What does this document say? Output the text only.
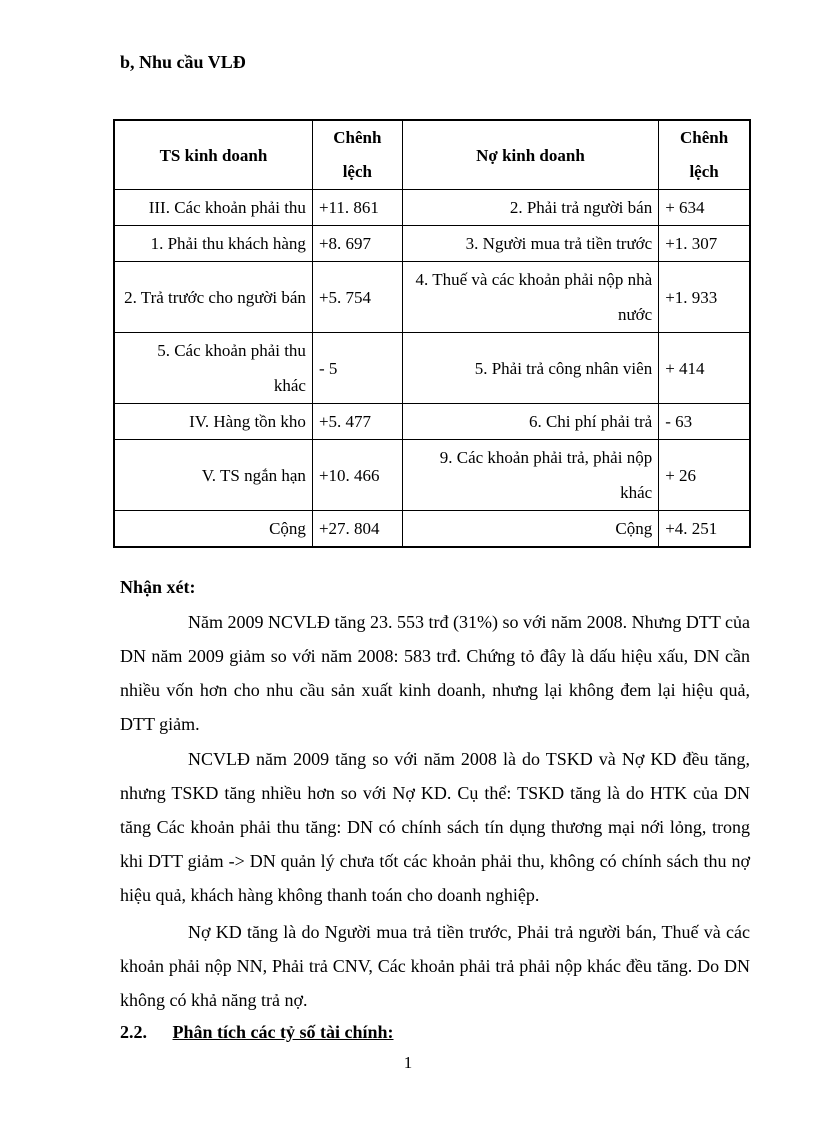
b, Nhu cầu VLĐ
TS kinh doanh	Chênh lệch	Nợ kinh doanh	Chênh lệch
III. Các khoản phải thu	+11. 861	2. Phải trả người bán	+ 634
1. Phải thu khách hàng	+8. 697	3. Người mua trả tiền trước	+1. 307
2. Trả trước cho người bán	+5. 754	4. Thuế và các khoản phải nộp nhà nước	+1. 933
5. Các khoản phải thu khác	- 5	5. Phải trả công nhân viên	+ 414
IV. Hàng tồn kho	+5. 477	6. Chi phí phải trả	- 63
V. TS ngắn hạn	+10. 466	9. Các khoản phải trả, phải nộp khác	+ 26
Cộng	+27. 804	Cộng	+4. 251
Nhận xét:

Năm 2009 NCVLĐ tăng 23. 553 trđ (31%) so với năm 2008. Nhưng DTT của DN năm 2009 giảm so với năm 2008: 583 trđ. Chứng tỏ đây là dấu hiệu xấu, DN cần nhiều vốn hơn cho nhu cầu sản xuất kinh doanh, nhưng lại không đem lại hiệu quả, DTT giảm.

NCVLĐ năm 2009 tăng so với năm 2008 là do TSKD và Nợ KD đều tăng, nhưng TSKD tăng nhiều hơn so với Nợ KD. Cụ thể: TSKD tăng là do HTK của DN tăng Các khoản phải thu tăng: DN có chính sách tín dụng thương mại nới lỏng, trong khi DTT giảm -> DN quản lý chưa tốt các khoản phải thu, không có chính sách thu nợ hiệu quả, khách hàng không thanh toán cho doanh nghiệp.

Nợ KD tăng là do Người mua trả tiền trước, Phải trả người bán, Thuế và các khoản phải nộp NN, Phải trả CNV, Các khoản phải trả phải nộp khác đều tăng. Do DN không có khả năng trả nợ.

2.2. Phân tích các tỷ số tài chính:
1
